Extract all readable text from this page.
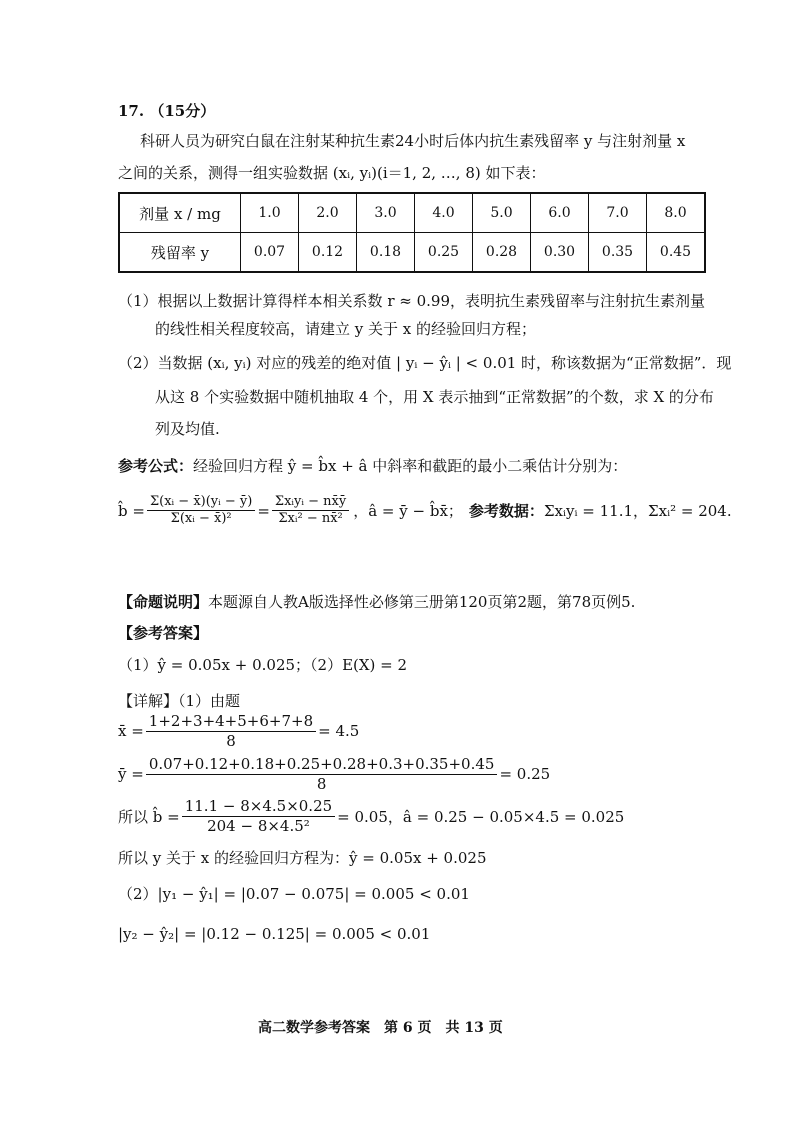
17. （15分）
科研人员为研究白鼠在注射某种抗生素24小时后体内抗生素残留率 y 与注射剂量 x
之间的关系，测得一组实验数据 (xᵢ, yᵢ)(i＝1, 2, …, 8) 如下表：
剂量 x / mg	1.0	2.0	3.0	4.0	5.0	6.0	7.0	8.0
残留率 y	0.07	0.12	0.18	0.25	0.28	0.30	0.35	0.45
（1）根据以上数据计算得样本相关系数 r ≈ 0.99，表明抗生素残留率与注射抗生素剂量
的线性相关程度较高，请建立 y 关于 x 的经验回归方程；
（2）当数据 (xᵢ, yᵢ) 对应的残差的绝对值 | yᵢ − ŷᵢ | < 0.01 时，称该数据为“正常数据”．现
从这 8 个实验数据中随机抽取 4 个，用 X 表示抽到“正常数据”的个数，求 X 的分布
列及均值.
参考公式：经验回归方程 ŷ = b̂x + â 中斜率和截距的最小二乘估计分别为：
b̂ = $\frac{\text{Σ(xᵢ − x̄)(yᵢ − ȳ)}}{\text{Σ(xᵢ − x̄)²}} = \frac{\text{Σxᵢyᵢ − nx̄ȳ}}{\text{Σxᵢ² − nx̄²}}$ ，â = ȳ − b̂x̄； 参考数据： Σxᵢyᵢ = 11.1，Σxᵢ² = 204.
【命题说明】本题源自人教A版选择性必修第三册第120页第2题，第78页例5.
【参考答案】
（1）ŷ = 0.05x + 0.025；（2）E(X) = 2
【详解】（1）由题
x̄ = $\frac{1+2+3+4+5+6+7+8}{8} = 4.5$
ȳ = $\frac{0.07+0.12+0.18+0.25+0.28+0.3+0.35+0.45}{8} = 0.25$
所以 b̂ = $\frac{11.1 - 8\times 4.5\times 0.25}{\text{204 − 8×4.5²}} = 0.05$，â = 0.25 − 0.05×4.5 = 0.025
所以 y 关于 x 的经验回归方程为：ŷ = 0.05x + 0.025
（2）|y₁ − ŷ₁| = |0.07 − 0.075| = 0.005 < 0.01
|y₂ − ŷ₂| = |0.12 − 0.125| = 0.005 < 0.01
高二数学参考答案　第 6 页　共 13 页
